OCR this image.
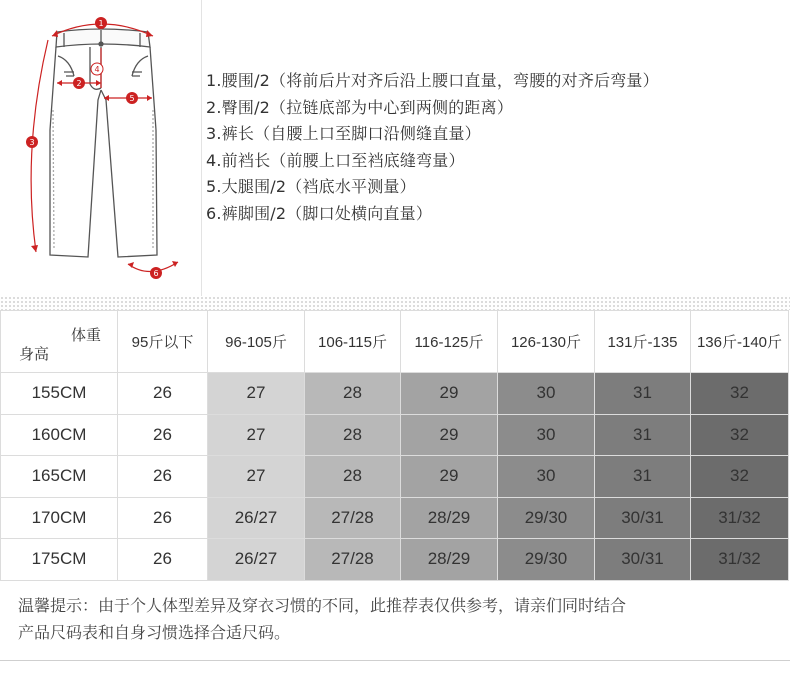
1
2
3
4
5
6
1.腰围/2（将前后片对齐后沿上腰口直量，弯腰的对齐后弯量）
2.臀围/2（拉链底部为中心到两侧的距离）
3.裤长（自腰上口至脚口沿侧缝直量）
4.前裆长（前腰上口至裆底缝弯量）
5.大腿围/2（裆底水平测量）
6.裤脚围/2（脚口处横向直量）
体重
身高	95斤以下	96-105斤	106-115斤	116-125斤	126-130斤	131斤-135	136斤-140斤
155CM	26	27	28	29	30	31	32
160CM	26	27	28	29	30	31	32
165CM	26	27	28	29	30	31	32
170CM	26	26/27	27/28	28/29	29/30	30/31	31/32
175CM	26	26/27	27/28	28/29	29/30	30/31	31/32
温馨提示：由于个人体型差异及穿衣习惯的不同，此推荐表仅供参考，请亲们同时结合
产品尺码表和自身习惯选择合适尺码。
